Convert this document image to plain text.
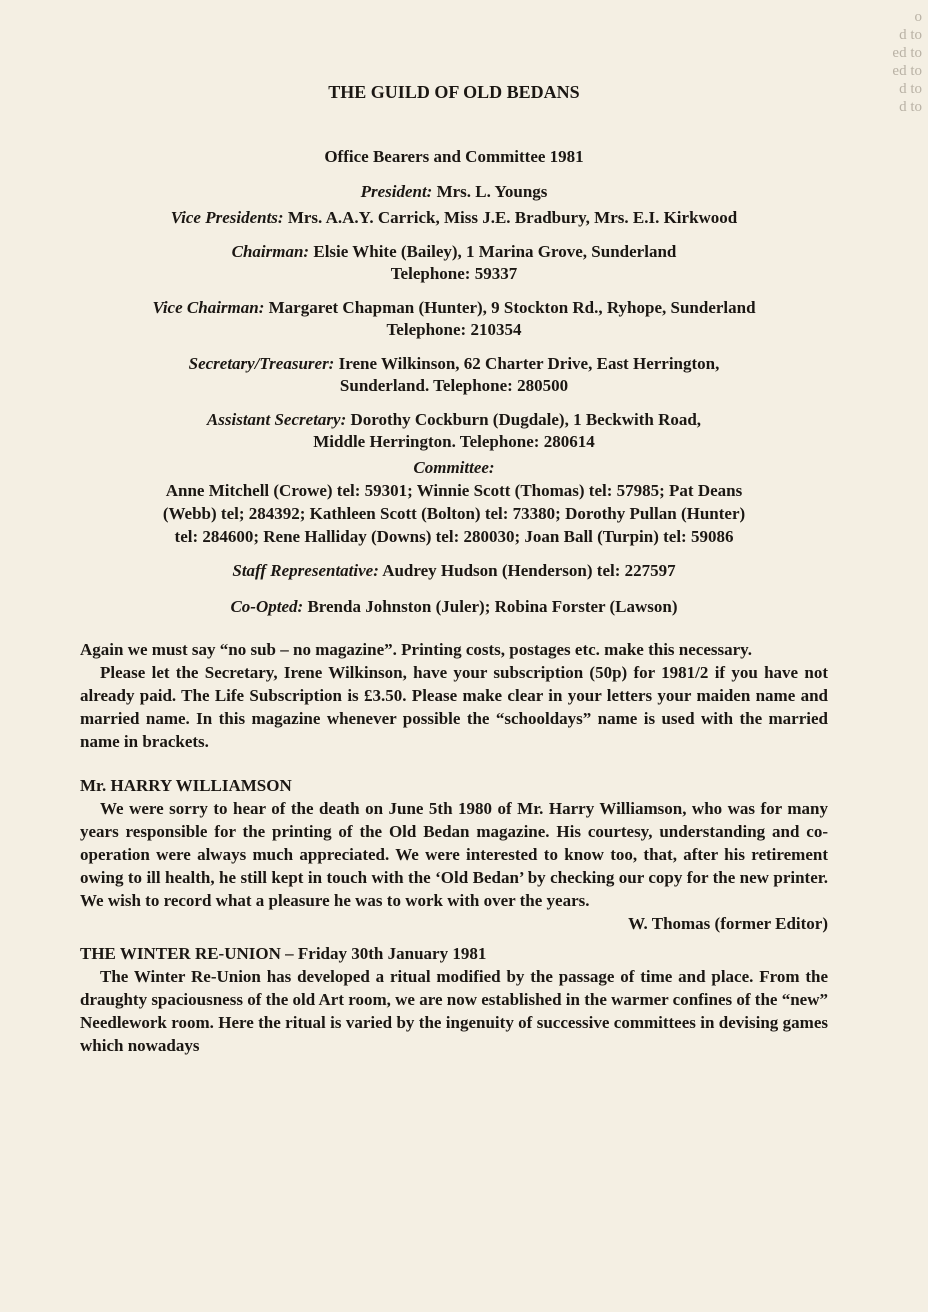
o
d to
ed to
ed to
d to
d to

THE GUILD OF OLD BEDANS

Office Bearers and Committee 1981

President: Mrs. L. Youngs

Vice Presidents: Mrs. A.A.Y. Carrick, Miss J.E. Bradbury, Mrs. E.I. Kirkwood

Chairman: Elsie White (Bailey), 1 Marina Grove, Sunderland

Telephone: 59337

Vice Chairman: Margaret Chapman (Hunter), 9 Stockton Rd., Ryhope, Sunderland

Telephone: 210354

Secretary/Treasurer: Irene Wilkinson, 62 Charter Drive, East Herrington,

Sunderland. Telephone: 280500

Assistant Secretary: Dorothy Cockburn (Dugdale), 1 Beckwith Road,

Middle Herrington. Telephone: 280614

Committee:

Anne Mitchell (Crowe) tel: 59301; Winnie Scott (Thomas) tel: 57985; Pat Deans

(Webb) tel; 284392; Kathleen Scott (Bolton) tel: 73380; Dorothy Pullan (Hunter)

tel: 284600; Rene Halliday (Downs) tel: 280030; Joan Ball (Turpin) tel: 59086

Staff Representative: Audrey Hudson (Henderson) tel: 227597

Co-Opted: Brenda Johnston (Juler); Robina Forster (Lawson)

Again we must say “no sub – no magazine”. Printing costs, postages etc. make this necessary.

Please let the Secretary, Irene Wilkinson, have your subscription (50p) for 1981/2 if you have not already paid. The Life Subscription is £3.50. Please make clear in your letters your maiden name and married name. In this magazine whenever possible the “schooldays” name is used with the married name in brackets.

Mr. HARRY WILLIAMSON

We were sorry to hear of the death on June 5th 1980 of Mr. Harry Williamson, who was for many years responsible for the printing of the Old Bedan magazine. His courtesy, understanding and co-operation were always much appreciated. We were interested to know too, that, after his retirement owing to ill health, he still kept in touch with the ‘Old Bedan’ by checking our copy for the new printer. We wish to record what a pleasure he was to work with over the years.

W. Thomas (former Editor)

THE WINTER RE-UNION – Friday 30th January 1981

The Winter Re-Union has developed a ritual modified by the passage of time and place. From the draughty spaciousness of the old Art room, we are now established in the warmer confines of the “new” Needlework room. Here the ritual is varied by the ingenuity of successive committees in devising games which nowadays
